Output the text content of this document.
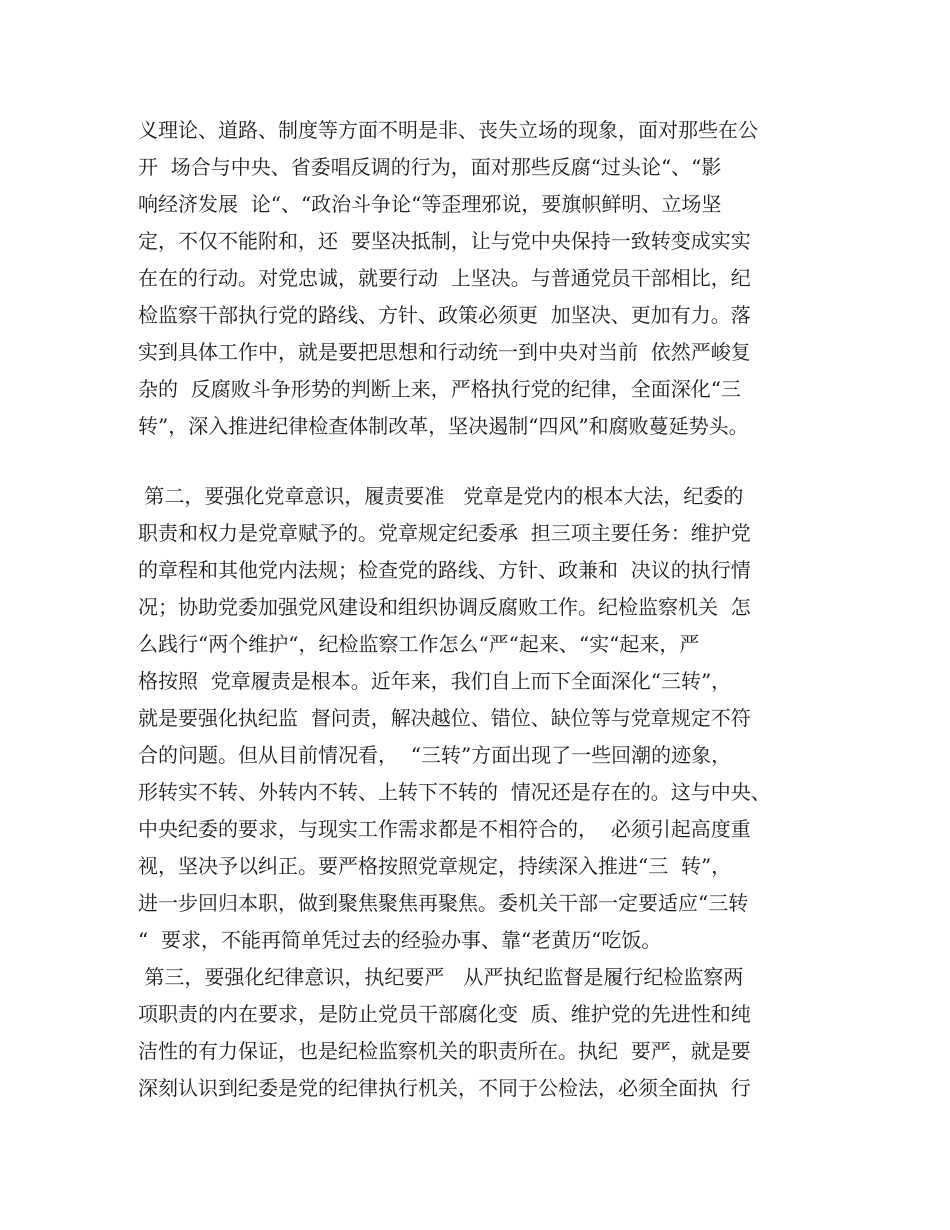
义理论、道路、制度等方面不明是非、丧失立场的现象，面对那些在公
开  场合与中央、省委唱反调的行为，面对那些反腐“过头论“、“影
响经济发展  论“、“政治斗争论“等歪理邪说，要旗帜鲜明、立场坚
定，不仅不能附和，还  要坚决抵制，让与党中央保持一致转变成实实
在在的行动。对党忠诚，就要行动  上坚决。与普通党员干部相比，纪
检监察干部执行党的路线、方针、政策必须更  加坚决、更加有力。落
实到具体工作中，就是要把思想和行动统一到中央对当前  依然严峻复
杂的  反腐败斗争形势的判断上来，严格执行党的纪律，全面深化“三
转”，深入推进纪律检查体制改革，坚决遏制“四风”和腐败蔓延势头。
第二，要强化党章意识，履责要准   党章是党内的根本大法，纪委的
职责和权力是党章赋予的。党章规定纪委承  担三项主要任务：维护党
的章程和其他党内法规；检查党的路线、方针、政兼和  决议的执行情
况；协助党委加强党风建设和组织协调反腐败工作。纪检监察机关  怎
么践行“两个维护“，纪检监察工作怎么“严“起来、“实“起来，严
格按照  党章履责是根本。近年来，我们自上而下全面深化“三转”，
就是要强化执纪监  督问责，解决越位、错位、缺位等与党章规定不符
合的问题。但从目前情况看，  “三转”方面出现了一些回潮的迹象，
形转实不转、外转内不转、上转下不转的  情况还是存在的。这与中央、
中央纪委的要求，与现实工作需求都是不相符合的，  必须引起高度重
视，坚决予以纠正。要严格按照党章规定，持续深入推进“三  转”，
进一步回归本职，做到聚焦聚焦再聚焦。委机关干部一定要适应“三转
“  要求，不能再简单凭过去的经验办事、靠“老黄历“吃饭。
第三，要强化纪律意识，执纪要严   从严执纪监督是履行纪检监察两
项职责的内在要求，是防止党员干部腐化变  质、维护党的先进性和纯
洁性的有力保证，也是纪检监察机关的职责所在。执纪  要严，就是要
深刻认识到纪委是党的纪律执行机关，不同于公检法，必须全面执  行
